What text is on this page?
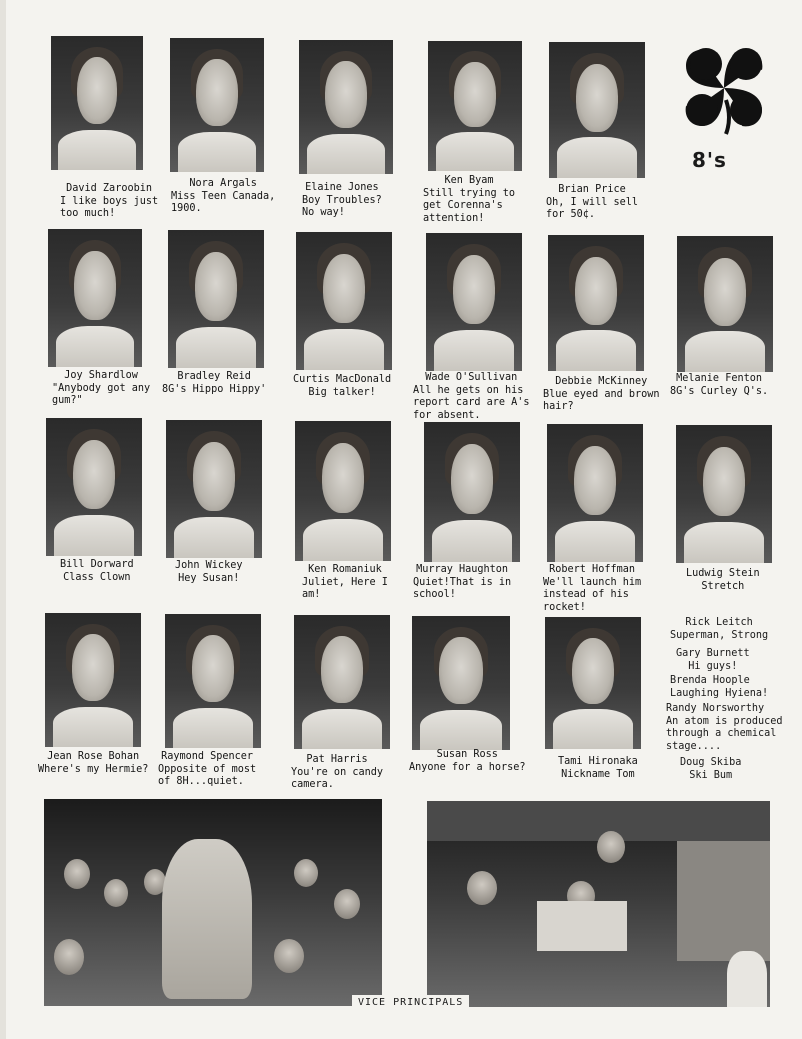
8's
David Zaroobin
I like boys just
too much!
Nora Argals
Miss Teen Canada,
1900.
Elaine Jones
Boy Troubles?
No way!
Ken Byam
Still trying to
get Corenna's
attention!
Brian Price
Oh, I will sell
for 50¢.
Joy Shardlow
"Anybody got any
gum?"
Bradley Reid
8G's Hippo Hippy'
Curtis MacDonald
Big talker!
Wade O'Sullivan
All he gets on his
report card are A's
for absent.
Debbie McKinney
Blue eyed and brown
hair?
Melanie Fenton
8G's Curley Q's.
Bill Dorward
Class Clown
John Wickey
Hey Susan!
Ken Romaniuk
Juliet, Here I
am!
Murray Haughton
Quiet!That is in
school!
Robert Hoffman
We'll launch him
instead of his
rocket!
Ludwig Stein
Stretch
Jean Rose Bohan
Where's my Hermie?
Raymond Spencer
Opposite of most
of 8H...quiet.
Pat Harris
You're on candy
camera.
Susan Ross
Anyone for a horse?	Tami Hironaka
Nickname Tom
Rick Leitch
Superman, Strong
Gary Burnett
Hi guys!
Brenda Hoople
Laughing Hyiena!
Randy Norsworthy
An atom is produced
through a chemical
stage....
Doug Skiba
Ski Bum
VICE PRINCIPALS
